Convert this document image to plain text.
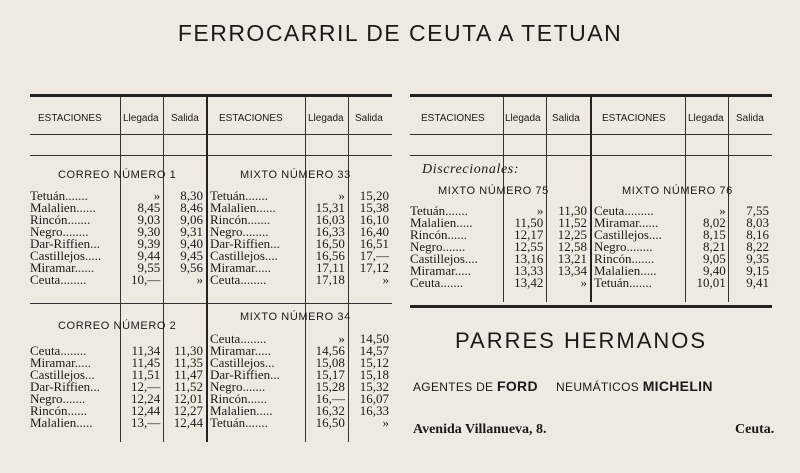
FERROCARRIL DE CEUTA A TETUAN
ESTACIONES Llegada Salida ESTACIONES	Llegada Salida
CORREO NÚMERO 1	MIXTO NÚMERO 33
CORREO NÚMERO 2
MIXTO NÚMERO 34
Tetuán.......	»	8,30
Malalien......	8,45	8,46
Rincón.......	9,03	9,06
Negro........	9,30	9,31
Dar-Riffien...	9,39	9,40
Castillejos.....	9,44	9,45
Miramar......	9,55	9,56
Ceuta........	10,—	»
Tetuán.......	»	15,20
Malalien......	15,31	15,38
Rincón.......	16,03	16,10
Negro........	16,33	16,40
Dar-Riffien...	16,50	16,51
Castillejos....	16,56	17,—
Miramar.....	17,11	17,12
Ceuta........	17,18	»
Ceuta........	11,34	11,30
Miramar.....	11,45	11,35
Castillejos...	11,51	11,47
Dar-Riffien...	12,—	11,52
Negro.......	12,24	12,01
Rincón......	12,44	12,27
Malalien.....	13,—	12,44
Ceuta........	»	14,50
Miramar.....	14,56	14,57
Castillejos...	15,08	15,12
Dar-Riffien...	15,17	15,18
Negro.......	15,28	15,32
Rincón......	16,—	16,07
Malalien.....	16,32	16,33
Tetuán.......	16,50	»
ESTACIONES Llegada Salida ESTACIONES Llegada Salida
Discrecionales:
MIXTO NÚMERO 75	MIXTO NÚMERO 76
Tetuán.......	»	11,30
Malalien.....	11,50	11,52
Rincón......	12,17	12,25
Negro.......	12,55	12,58
Castillejos....	13,16	13,21
Miramar.....	13,33	13,34
Ceuta.......	13,42	»
Ceuta.........	»	7,55
Miramar......	8,02	8,03
Castillejos....	8,15	8,16
Negro........	8,21	8,22
Rincón.......	9,05	9,35
Malalien.....	9,40	9,15
Tetuán.......	10,01	9,41
PARRES HERMANOS
AGENTES DE FORD NEUMÁTICOS MICHELIN
Avenida Villanueva, 8.	Ceuta.
